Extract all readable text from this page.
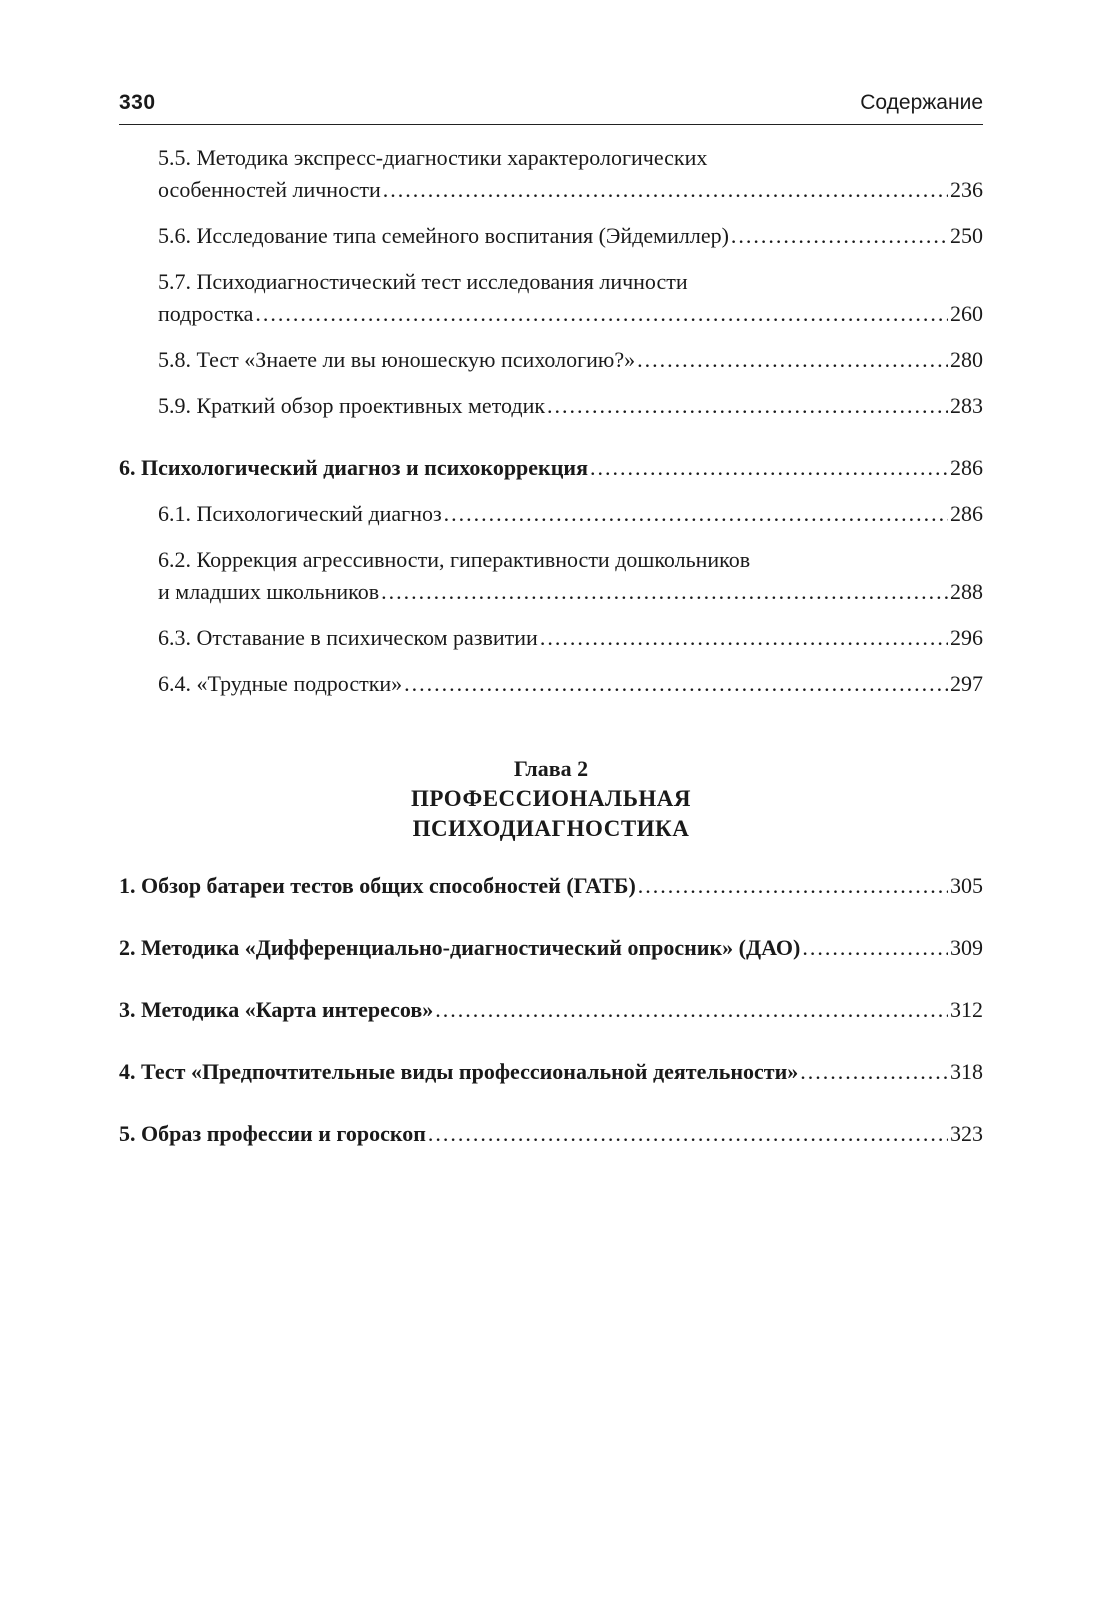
330	Содержание
5.5. Методика экспресс-диагностики характерологических
особенностей личности .....	236
5.6. Исследование типа семейного воспитания (Эйдемиллер) .....	250
5.7. Психодиагностический тест исследования личности
подростка .....	260
5.8. Тест «Знаете ли вы юношескую психологию?» .....	280
5.9. Краткий обзор проективных методик .....	283
6. Психологический диагноз и психокоррекция .....	286
6.1. Психологический диагноз .....	286
6.2. Коррекция агрессивности, гиперактивности дошкольников
и младших школьников .....	288
6.3. Отставание в психическом развитии .....	296
6.4. «Трудные подростки» .....	297
Глава 2
ПРОФЕССИОНАЛЬНАЯ
ПСИХОДИАГНОСТИКА
1. Обзор батареи тестов общих способностей (ГАТБ) .....	305
2. Методика «Дифференциально-диагностический опросник» (ДАО) .....	309
3. Методика «Карта интересов» .....	312
4. Тест «Предпочтительные виды профессиональной деятельности» .....	318
5. Образ профессии и гороскоп .....	323
